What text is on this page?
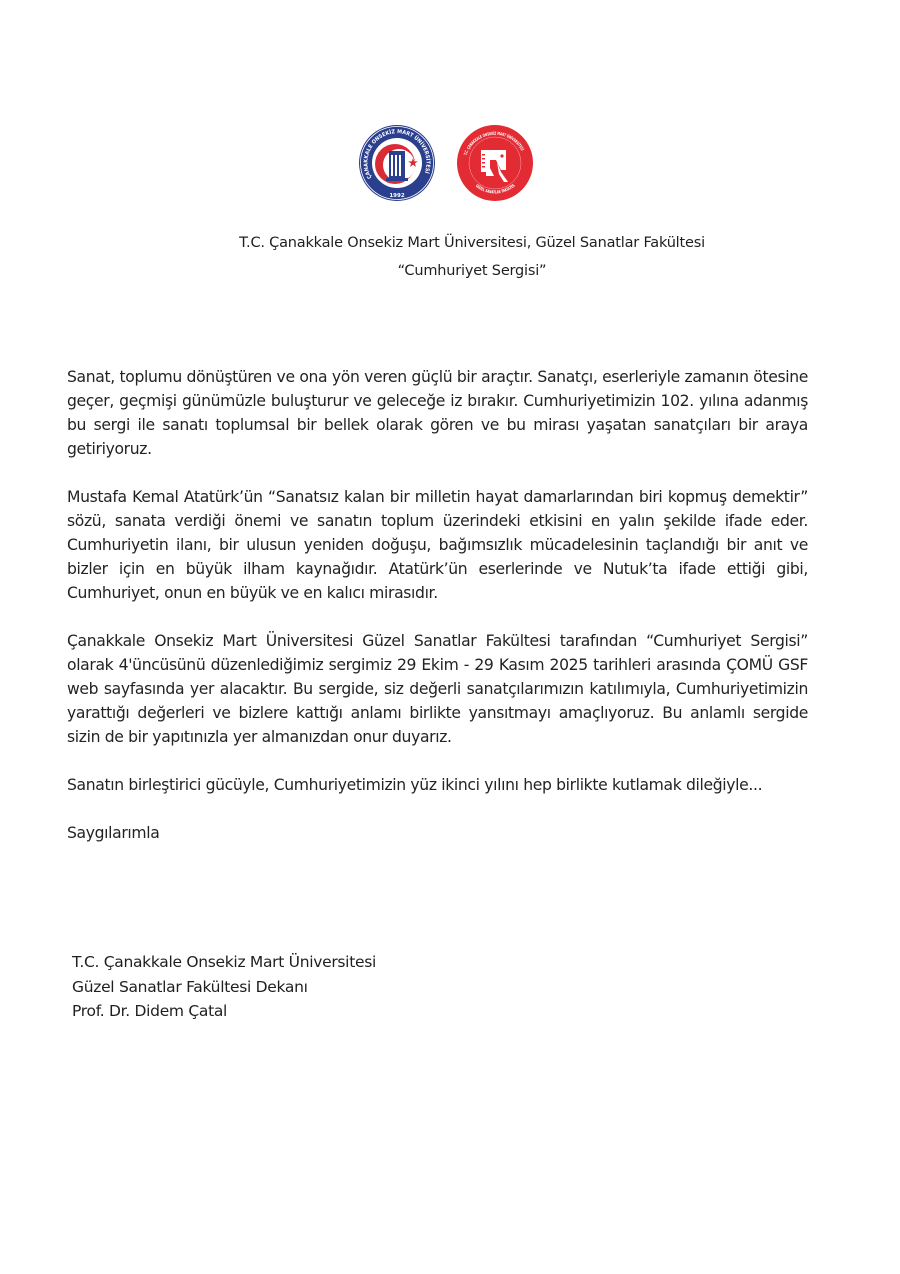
ÇANAKKALE ONSEKİZ MART ÜNİVERSİTESİ
1992
T.C. ÇANAKKALE ONSEKİZ MART ÜNİVERSİTESİ
GÜZEL SANATLAR FAKÜLTES
T.C. Çanakkale Onsekiz Mart Üniversitesi, Güzel Sanatlar Fakültesi
“Cumhuriyet Sergisi”

Sanat, toplumu dönüştüren ve ona yön veren güçlü bir araçtır. Sanatçı, eserleriyle zamanın ötesine geçer, geçmişi günümüzle buluşturur ve geleceğe iz bırakır. Cumhuriyetimizin 102. yılına adanmış bu sergi ile sanatı toplumsal bir bellek olarak gören ve bu mirası yaşatan sanatçıları bir araya getiriyoruz.

Mustafa Kemal Atatürk’ün “Sanatsız kalan bir milletin hayat damarlarından biri kopmuş demektir” sözü, sanata verdiği önemi ve sanatın toplum üzerindeki etkisini en yalın şekilde ifade eder. Cumhuriyetin ilanı, bir ulusun yeniden doğuşu, bağımsızlık mücadelesinin taçlandığı bir anıt ve bizler için en büyük ilham kaynağıdır. Atatürk’ün eserlerinde ve Nutuk’ta ifade ettiği gibi, Cumhuriyet, onun en büyük ve en kalıcı mirasıdır.

Çanakkale Onsekiz Mart Üniversitesi Güzel Sanatlar Fakültesi tarafından “Cumhuriyet Sergisi” olarak 4'üncüsünü düzenlediğimiz sergimiz 29 Ekim - 29 Kasım 2025 tarihleri arasında ÇOMÜ GSF web sayfasında yer alacaktır. Bu sergide, siz değerli sanatçılarımızın katılımıyla, Cumhuriyetimizin yarattığı değerleri ve bizlere kattığı anlamı birlikte yansıtmayı amaçlıyoruz. Bu anlamlı sergide sizin de bir yapıtınızla yer almanızdan onur duyarız.

Sanatın birleştirici gücüyle, Cumhuriyetimizin yüz ikinci yılını hep birlikte kutlamak dileğiyle...

Saygılarımla

T.C. Çanakkale Onsekiz Mart Üniversitesi
Güzel Sanatlar Fakültesi Dekanı
Prof. Dr. Didem Çatal
